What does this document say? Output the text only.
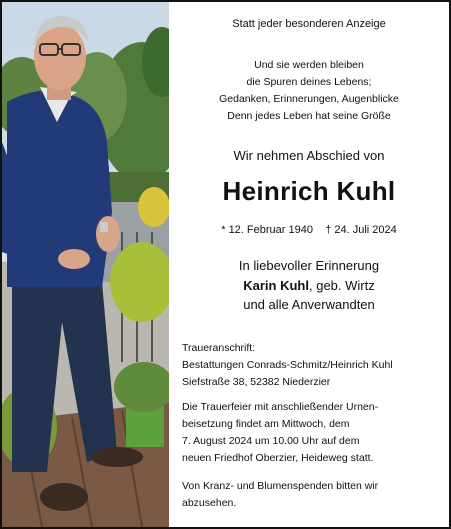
Statt jeder besonderen Anzeige
Und sie werden bleiben
die Spuren deines Lebens;
Gedanken, Erinnerungen, Augenblicke
Denn jedes Leben hat seine Größe
Wir nehmen Abschied von
Heinrich Kuhl
* 12. Februar 1940 † 24. Juli 2024
In liebevoller Erinnerung
Karin Kuhl, geb. Wirtz
und alle Anverwandten
Traueranschrift:
Bestattungen Conrads-Schmitz/Heinrich Kuhl
Siefstraße 38, 52382 Niederzier
Die Trauerfeier mit anschließender Urnen-
beisetzung findet am Mittwoch, dem
7. August 2024 um 10.00 Uhr auf dem
neuen Friedhof Oberzier, Heideweg statt.
Von Kranz- und Blumenspenden bitten wir
abzusehen.
